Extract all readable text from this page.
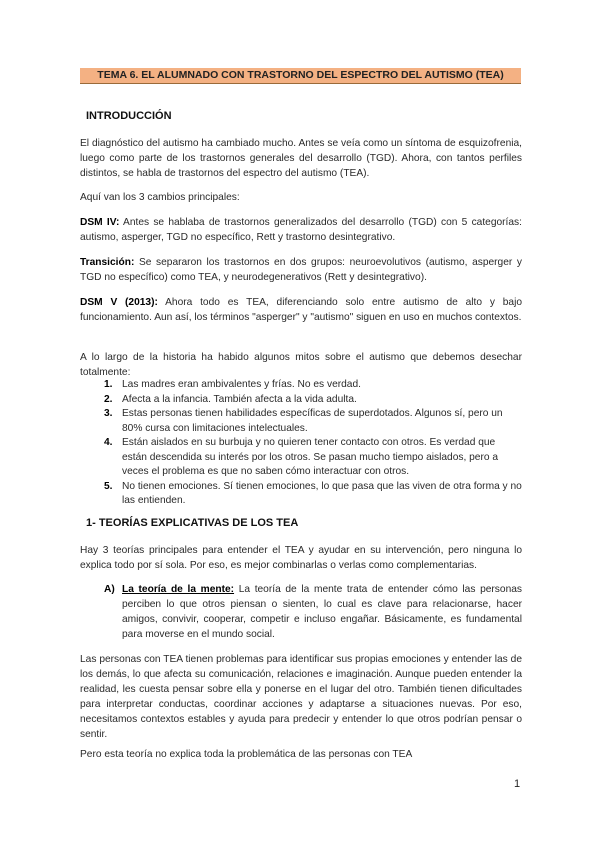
TEMA 6. EL ALUMNADO CON TRASTORNO DEL ESPECTRO DEL AUTISMO (TEA)
INTRODUCCIÓN
El diagnóstico del autismo ha cambiado mucho. Antes se veía como un síntoma de esquizofrenia, luego como parte de los trastornos generales del desarrollo (TGD). Ahora, con tantos perfiles distintos, se habla de trastornos del espectro del autismo (TEA).
Aquí van los 3 cambios principales:
DSM IV: Antes se hablaba de trastornos generalizados del desarrollo (TGD) con 5 categorías: autismo, asperger, TGD no específico, Rett y trastorno desintegrativo.
Transición: Se separaron los trastornos en dos grupos: neuroevolutivos (autismo, asperger y TGD no específico) como TEA, y neurodegenerativos (Rett y desintegrativo).
DSM V (2013): Ahora todo es TEA, diferenciando solo entre autismo de alto y bajo funcionamiento. Aun así, los términos "asperger" y "autismo" siguen en uso en muchos contextos.
A lo largo de la historia ha habido algunos mitos sobre el autismo que debemos desechar totalmente:
1. Las madres eran ambivalentes y frías. No es verdad.
2. Afecta a la infancia. También afecta a la vida adulta.
3. Estas personas tienen habilidades específicas de superdotados. Algunos sí, pero un 80% cursa con limitaciones intelectuales.
4. Están aislados en su burbuja y no quieren tener contacto con otros. Es verdad que están descendida su interés por los otros. Se pasan mucho tiempo aislados, pero a veces el problema es que no saben cómo interactuar con otros.
5. No tienen emociones. Sí tienen emociones, lo que pasa que las viven de otra forma y no las entienden.
1- TEORÍAS EXPLICATIVAS DE LOS TEA
Hay 3 teorías principales para entender el TEA y ayudar en su intervención, pero ninguna lo explica todo por sí sola. Por eso, es mejor combinarlas o verlas como complementarias.
A) La teoría de la mente: La teoría de la mente trata de entender cómo las personas perciben lo que otros piensan o sienten, lo cual es clave para relacionarse, hacer amigos, convivir, cooperar, competir e incluso engañar. Básicamente, es fundamental para moverse en el mundo social.
Las personas con TEA tienen problemas para identificar sus propias emociones y entender las de los demás, lo que afecta su comunicación, relaciones e imaginación. Aunque pueden entender la realidad, les cuesta pensar sobre ella y ponerse en el lugar del otro. También tienen dificultades para interpretar conductas, coordinar acciones y adaptarse a situaciones nuevas. Por eso, necesitamos contextos estables y ayuda para predecir y entender lo que otros podrían pensar o sentir.
Pero esta teoría no explica toda la problemática de las personas con TEA
1
